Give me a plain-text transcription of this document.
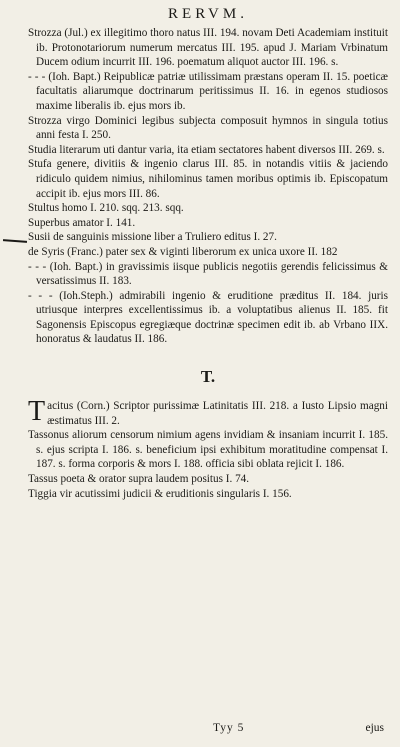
RERVM.

Strozza (Jul.) ex illegitimo thoro natus III. 194. novam Deti Academiam instituit ib. Protonotariorum numerum mercatus III. 195. apud J. Mariam Vrbinatum Ducem odium incurrit III. 196. poematum aliquot auctor III. 196. s.

- - - (Ioh. Bapt.) Reipublicæ patriæ utilissimam præstans operam II. 15. poeticæ facultatis aliarumque doctrinarum peritissimus II. 16. in egenos studiosos maxime liberalis ib. ejus mors ib.

Strozza virgo Dominici legibus subjecta composuit hymnos in singula totius anni festa I. 250.

Studia literarum uti dantur varia, ita etiam sectatores habent diversos III. 269. s.

Stufa genere, divitiis & ingenio clarus III. 85. in notandis vitiis & jaciendo ridiculo quidem nimius, nihilominus tamen moribus optimis ib. Episcopatum accipit ib. ejus mors III. 86.

Stultus homo I. 210. sqq. 213. sqq.

Superbus amator I. 141.

Susii de sanguinis missione liber a Truliero editus I. 27.

de Syris (Franc.) pater sex & viginti liberorum ex unica uxore II. 182

- - - (Ioh. Bapt.) in gravissimis iisque publicis negotiis gerendis felicissimus & versatissimus II. 183.

- - - (Ioh.Steph.) admirabili ingenio & eruditione præditus II. 184. juris utriusque interpres excellentissimus ib. a voluptatibus alienus II. 185. fit Sagonensis Episcopus egregiæque doctrinæ specimen edit ib. ab Vrbano IIX. honoratus & laudatus II. 186.

T.

Tacitus (Corn.) Scriptor purissimæ Latinitatis III. 218. a Iusto Lipsio magni æstimatus III. 2.

Tassonus aliorum censorum nimium agens invidiam & insaniam incurrit I. 185. s. ejus scripta I. 186. s. beneficium ipsi exhibitum moratitudine compensat I. 187. s. forma corporis & mors I. 188. officia sibi oblata rejicit I. 186.

Tassus poeta & orator supra laudem positus I. 74.

Tiggia vir acutissimi judicii & eruditionis singularis I. 156.

Tyy 5	ejus
